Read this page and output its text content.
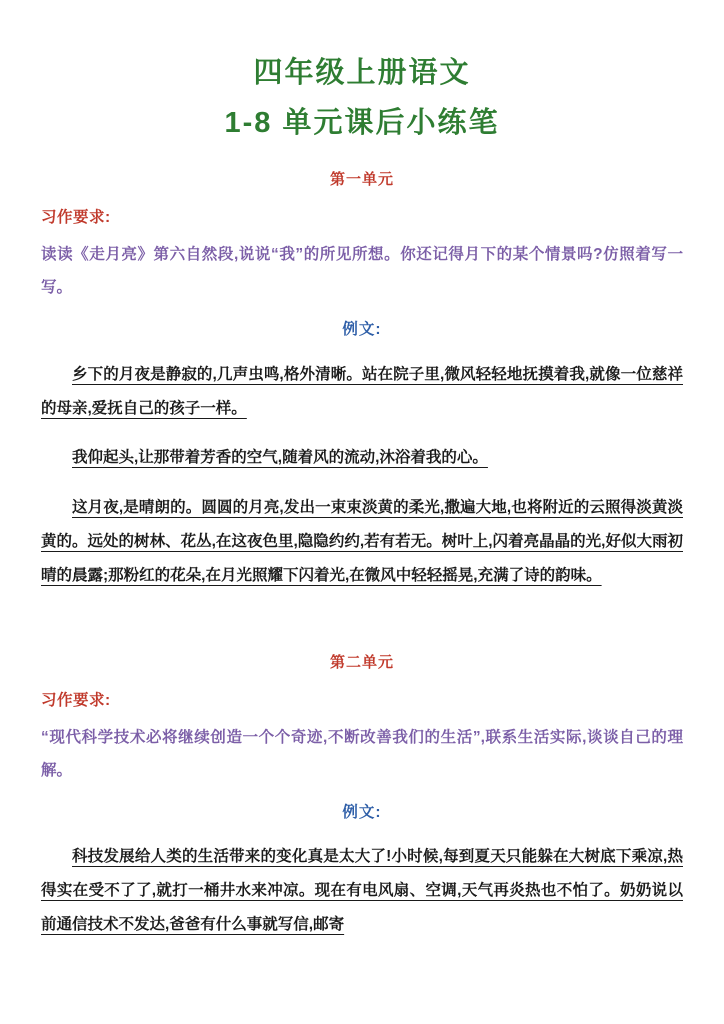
四年级上册语文
1-8 单元课后小练笔
第一单元
习作要求:
读读《走月亮》第六自然段,说说“我”的所见所想。你还记得月下的某个情景吗?仿照着写一写。
例文:

乡下的月夜是静寂的,几声虫鸣,格外清晰。站在院子里,微风轻轻地抚摸着我,就像一位慈祥的母亲,爱抚自己的孩子一样。

我仰起头,让那带着芳香的空气,随着风的流动,沐浴着我的心。

这月夜,是晴朗的。圆圆的月亮,发出一束束淡黄的柔光,撒遍大地,也将附近的云照得淡黄淡黄的。远处的树林、花丛,在这夜色里,隐隐约约,若有若无。树叶上,闪着亮晶晶的光,好似大雨初晴的晨露;那粉红的花朵,在月光照耀下闪着光,在微风中轻轻摇晃,充满了诗的韵味。

第二单元
习作要求:
“现代科学技术必将继续创造一个个奇迹,不断改善我们的生活”,联系生活实际,谈谈自己的理解。
例文:

科技发展给人类的生活带来的变化真是太大了!小时候,每到夏天只能躲在大树底下乘凉,热得实在受不了了,就打一桶井水来冲凉。现在有电风扇、空调,天气再炎热也不怕了。奶奶说以前通信技术不发达,爸爸有什么事就写信,邮寄
